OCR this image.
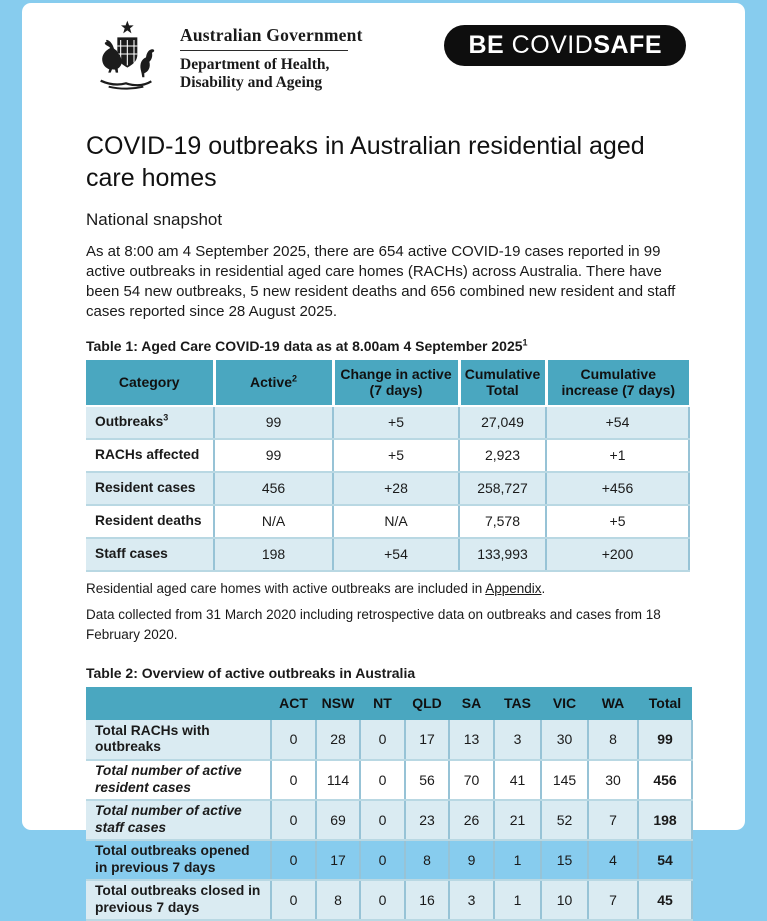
Australian Government
Department of Health,
Disability and Ageing
BE COVID SAFE
COVID-19 outbreaks in Australian residential aged care homes
National snapshot

As at 8:00 am 4 September 2025, there are 654 active COVID-19 cases reported in 99 active outbreaks in residential aged care homes (RACHs) across Australia. There have been 54 new outbreaks, 5 new resident deaths and 656 combined new resident and staff cases reported since 28 August 2025.

Table 1: Aged Care COVID-19 data as at 8.00am 4 September 2025$^1$
Category	Active$^2$	Change in active (7 days)	Cumulative Total	Cumulative increase (7 days)
Outbreaks$^3$	99	+5	27,049	+54
RACHs affected	99	+5	2,923	+1
Resident cases	456	+28	258,727	+456
Resident deaths	N/A	N/A	7,578	+5
Staff cases	198	+54	133,993	+200

Residential aged care homes with active outbreaks are included in Appendix.

Data collected from 31 March 2020 including retrospective data on outbreaks and cases from 18 February 2020.

Table 2: Overview of active outbreaks in Australia
	ACT	NSW	NT	QLD	SA	TAS	VIC	WA	Total
Total RACHs with outbreaks	0	28	0	17	13	3	30	8	99
Total number of active resident cases	0	114	0	56	70	41	145	30	456
Total number of active staff cases	0	69	0	23	26	21	52	7	198
Total outbreaks opened in previous 7 days	0	17	0	8	9	1	15	4	54
Total outbreaks closed in previous 7 days	0	8	0	16	3	1	10	7	45
